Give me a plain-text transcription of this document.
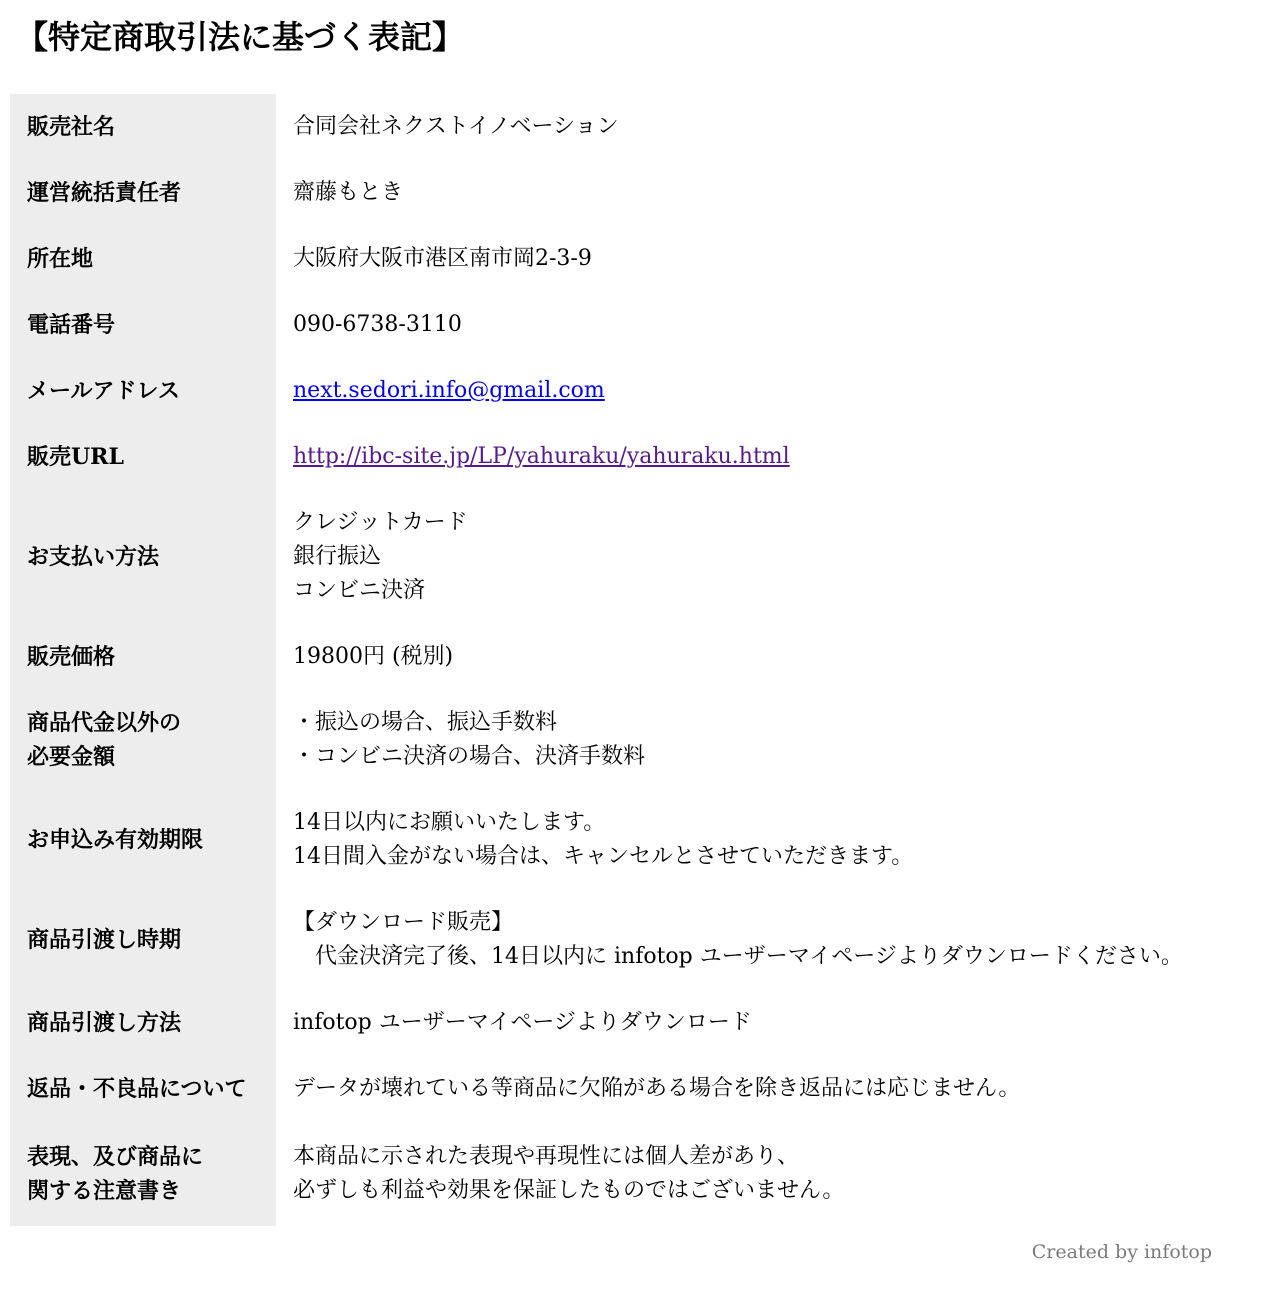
【特定商取引法に基づく表記】
販売社名	合同会社ネクストイノベーション
運営統括責任者	齋藤もとき
所在地	大阪府大阪市港区南市岡2-3-9
電話番号	090-6738-3110
メールアドレス	next.sedori.info@gmail.com
販売URL	http://ibc-site.jp/LP/yahuraku/yahuraku.html
お支払い方法	クレジットカード
銀行振込
コンビニ決済

販売価格	19800円 (税別)

商品代金以外の
必要金額	・振込の場合、振込手数料
・コンビニ決済の場合、決済手数料

お申込み有効期限	14日以内にお願いいたします。
14日間入金がない場合は、キャンセルとさせていただきます。

商品引渡し時期	【ダウンロード販売】
　代金決済完了後、14日以内に infotop ユーザーマイページよりダウンロードください。

商品引渡し方法	infotop ユーザーマイページよりダウンロード
返品・不良品について	データが壊れている等商品に欠陥がある場合を除き返品には応じません。

表現、及び商品に
関する注意書き	本商品に示された表現や再現性には個人差があり、
必ずしも利益や効果を保証したものではございません。
Created by infotop
